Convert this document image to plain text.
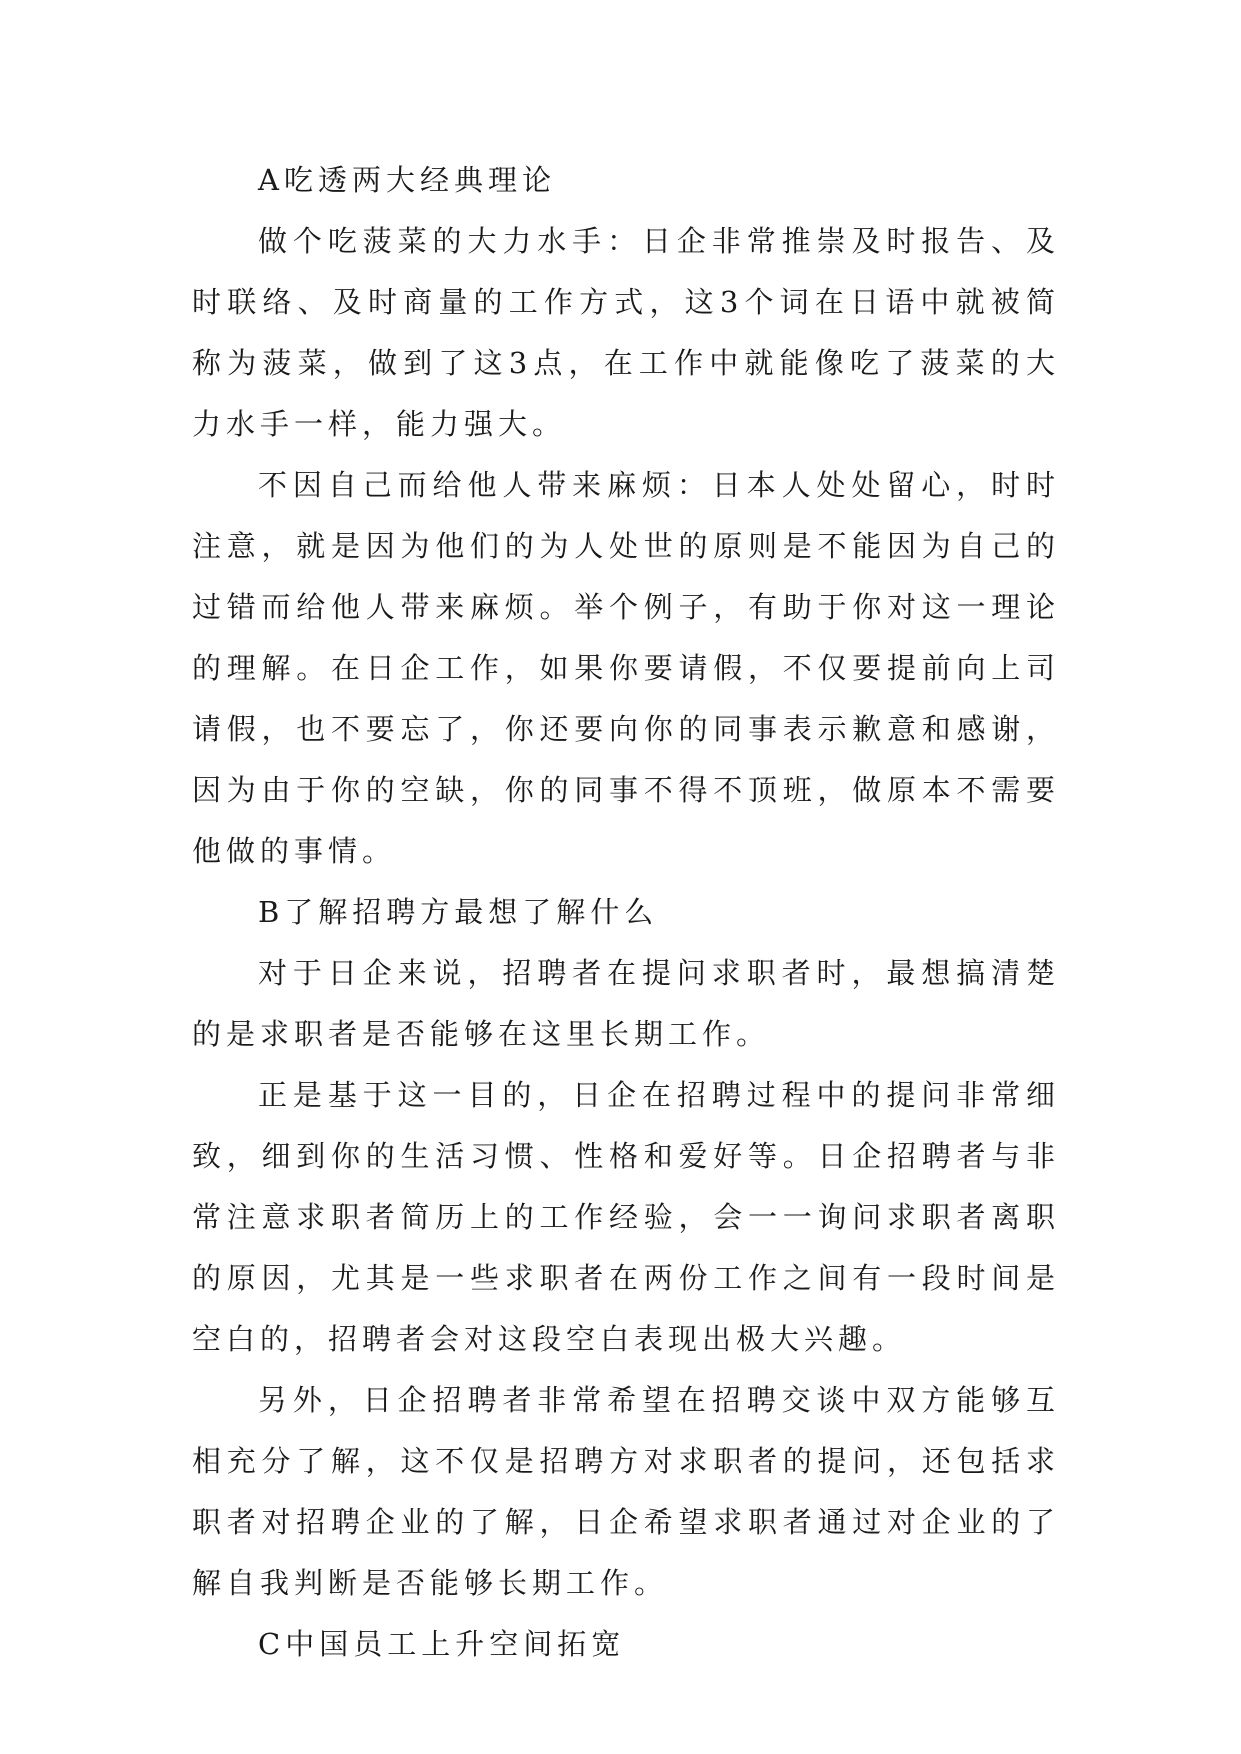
A吃透两大经典理论

做个吃菠菜的大力水手：日企非常推崇及时报告、及时联络、及时商量的工作方式，这3个词在日语中就被简称为菠菜，做到了这3点，在工作中就能像吃了菠菜的大力水手一样，能力强大。

不因自己而给他人带来麻烦：日本人处处留心，时时注意，就是因为他们的为人处世的原则是不能因为自己的过错而给他人带来麻烦。举个例子，有助于你对这一理论的理解。在日企工作，如果你要请假，不仅要提前向上司请假，也不要忘了，你还要向你的同事表示歉意和感谢，因为由于你的空缺，你的同事不得不顶班，做原本不需要他做的事情。

B了解招聘方最想了解什么

对于日企来说，招聘者在提问求职者时，最想搞清楚的是求职者是否能够在这里长期工作。

正是基于这一目的，日企在招聘过程中的提问非常细致，细到你的生活习惯、性格和爱好等。日企招聘者与非常注意求职者简历上的工作经验，会一一询问求职者离职的原因，尤其是一些求职者在两份工作之间有一段时间是空白的，招聘者会对这段空白表现出极大兴趣。

另外，日企招聘者非常希望在招聘交谈中双方能够互相充分了解，这不仅是招聘方对求职者的提问，还包括求职者对招聘企业的了解，日企希望求职者通过对企业的了解自我判断是否能够长期工作。

C中国员工上升空间拓宽
